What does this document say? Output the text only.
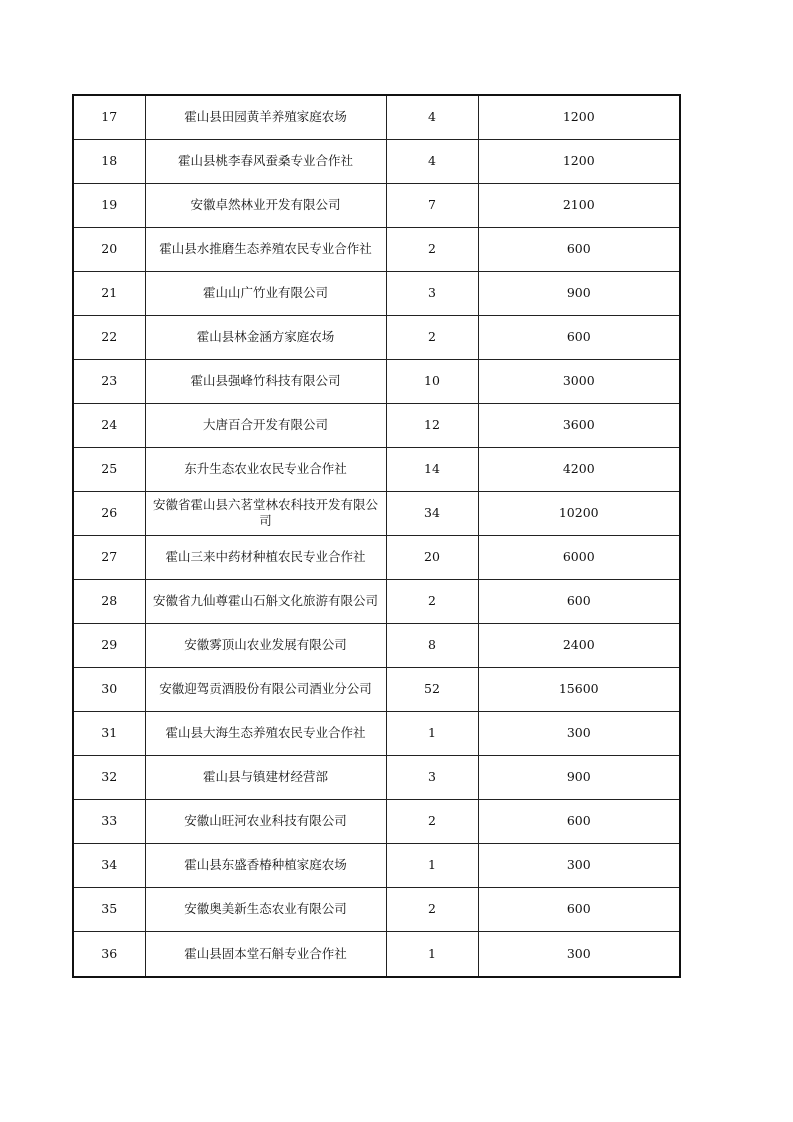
17	霍山县田园黄羊养殖家庭农场	4	1200
18	霍山县桃李春风蚕桑专业合作社	4	1200
19	安徽卓然林业开发有限公司	7	2100
20	霍山县水推磨生态养殖农民专业合作社	2	600
21	霍山山广竹业有限公司	3	900
22	霍山县林金涵方家庭农场	2	600
23	霍山县强峰竹科技有限公司	10	3000
24	大唐百合开发有限公司	12	3600
25	东升生态农业农民专业合作社	14	4200
26	安徽省霍山县六茗堂林农科技开发有限公司	34	10200
27	霍山三来中药材种植农民专业合作社	20	6000
28	安徽省九仙尊霍山石斛文化旅游有限公司	2	600
29	安徽雾顶山农业发展有限公司	8	2400
30	安徽迎驾贡酒股份有限公司酒业分公司	52	15600
31	霍山县大海生态养殖农民专业合作社	1	300
32	霍山县与镇建材经营部	3	900
33	安徽山旺河农业科技有限公司	2	600
34	霍山县东盛香椿种植家庭农场	1	300
35	安徽奥美新生态农业有限公司	2	600
36	霍山县固本堂石斛专业合作社	1	300
